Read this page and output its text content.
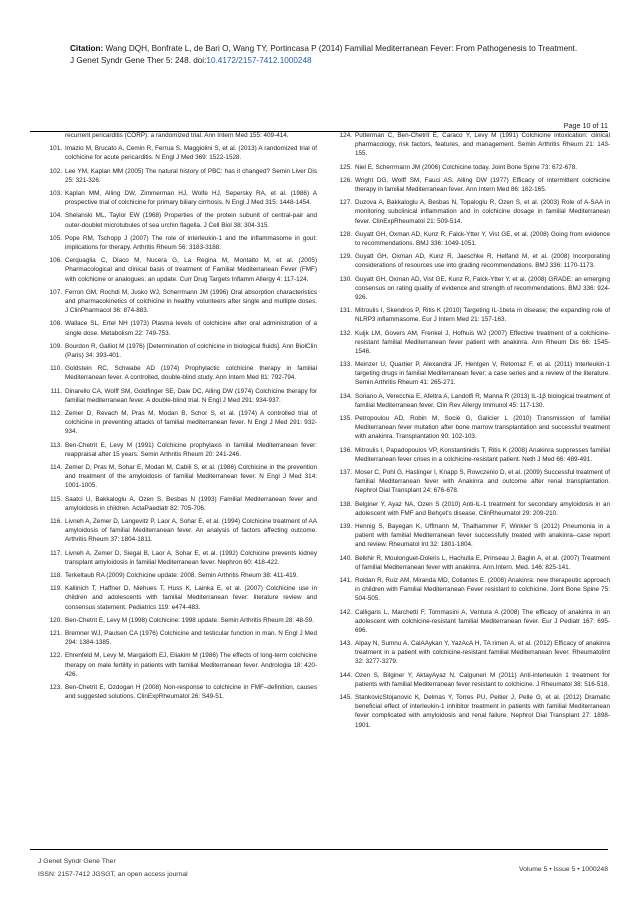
Citation: Wang DQH, Bonfrate L, de Bari O, Wang TY, Portincasa P (2014) Familial Mediterranean Fever: From Pathogenesis to Treatment. J Genet Syndr Gene Ther 5: 248. doi:10.4172/2157-7412.1000248
Page 10 of 11
recurrent pericarditis (CORP): a randomized trial. Ann Intern Med 155: 409-414.
101. Imazio M, Brucato A, Cemin R, Ferrua S, Maggiolini S, et al. (2013) A randomized trial of colchicine for acute pericarditis. N Engl J Med 369: 1522-1528.
102. Lee YM, Kaplan MM (2005) The natural history of PBC: has it changed? Semin Liver Dis 25: 321-326.
103. Kaplan MM, Alling DW, Zimmerman HJ, Wolfe HJ, Sepersky RA, et al. (1986) A prospective trial of colchicine for primary biliary cirrhosis. N Engl J Med 315: 1448-1454.
104. Shelanski ML, Taylor EW (1968) Properties of the protein subunit of central-pair and outer-doublet microtubules of sea urchin flagella. J Cell Biol 38: 304-315.
105. Pope RM, Tschopp J (2007) The role of interleukin-1 and the inflammasome in gout: implications for therapy. Arthritis Rheum 56: 3183-3188.
106. Cerquaglia C, Diaco M, Nucera G, La Regina M, Montalto M, et al. (2005) Pharmacological and clinical basis of treatment of Familial Mediterranean Fever (FMF) with colchicine or analogues: an update. Curr Drug Targets Inflamm Allergy 4: 117-124.
107. Ferron GM, Rochdi M, Jusko WJ, Scherrmann JM (1996) Oral absorption characteristics and pharmacokinetics of colchicine in healthy volunteers after single and multiple doses. J ClinPharmacol 36: 874-883.
108. Wallace SL, Ertel NH (1973) Plasma levels of colchicine after oral administration of a single dose. Metabolism 22: 749-753.
109. Bourdon R, Galliot M (1976) [Determination of colchicine in biological fluids]. Ann BiolClin (Paris) 34: 393-401.
110. Goldstein RC, Schwabe AD (1974) Prophylactic colchicine therapy in familial Mediterranean fever. A controlled, double-blind study. Ann Intern Med 81: 792-794.
111. Dinarello CA, Wolff SM, Goldfinger SE, Dale DC, Alling DW (1974) Colchicine therapy for familial mediterranean fever. A double-blind trial. N Engl J Med 291: 934-937.
112. Zemer D, Revach M, Pras M, Modan B, Schor S, et al. (1974) A controlled trial of colchicine in preventing attacks of familial mediterranean fever. N Engl J Med 291: 932-934.
113. Ben-Chetrit E, Levy M (1991) Colchicine prophylaxis in familial Mediterranean fever: reappraisal after 15 years. Semin Arthritis Rheum 20: 241-246.
114. Zemer D, Pras M, Sohar E, Modan M, Cabili S, et al. (1986) Colchicine in the prevention and treatment of the amyloidosis of familial Mediterranean fever. N Engl J Med 314: 1001-1005.
115. Saatci U, Bakkaloglu A, Ozen S, Besbas N (1993) Familial Mediterranean fever and amyloidosis in children. ActaPaediatr 82: 705-706.
116. Livneh A, Zemer D, Langevitz P, Laor A, Sohar E, et al. (1994) Colchicine treatment of AA amyloidosis of familial Mediterranean fever. An analysis of factors affecting outcome. Arthritis Rheum 37: 1804-1811.
117. Livneh A, Zemer D, Siegal B, Laor A, Sohar E, et al. (1992) Colchicine prevents kidney transplant amyloidosis in familial Mediterranean fever. Nephron 60: 418-422.
118. Terkeltaub RA (2009) Colchicine update: 2008. Semin Arthritis Rheum 38: 411-419.
119. Kallinich T, Haffner D, Niehues T, Huss K, Lainka E, et al. (2007) Colchicine use in children and adolescents with familial Mediterranean fever: literature review and consensus statement. Pediatrics 119: e474-483.
120. Ben-Chetrit E, Levy M (1998) Colchicine: 1998 update. Semin Arthritis Rheum 28: 48-59.
121. Bremner WJ, Paulsen CA (1976) Colchicine and testicular function in man. N Engl J Med 294: 1384-1385.
122. Ehrenfeld M, Levy M, Margalioth EJ, Eliakim M (1986) The effects of long-term colchicine therapy on male fertility in patients with familial Mediterranean fever. Andrologia 18: 420-426.
123. Ben-Chetrit E, Ozdogan H (2008) Non-response to colchicine in FMF–definition, causes and suggested solutions. ClinExpRheumatol 26: S49-51.
124. Putterman C, Ben-Chetrit E, Caraco Y, Levy M (1991) Colchicine intoxication: clinical pharmacology, risk factors, features, and management. Semin Arthritis Rheum 21: 143-155.
125. Niel E, Scherrmann JM (2006) Colchicine today. Joint Bone Spine 73: 672-678.
126. Wright DG, Wolff SM, Fauci AS, Alling DW (1977) Efficacy of intermittent colchicine therapy in familial Mediterranean fever. Ann Intern Med 86: 162-165.
127. Duzova A, Bakkaloglu A, Besbas N, Topaloglu R, Ozen S, et al. (2003) Role of A-SAA in monitoring subclinical inflammation and in colchicine dosage in familial Mediterranean fever. ClinExpRheumatol 21: 509-514.
128. Guyatt GH, Oxman AD, Kunz R, Falck-Ytter Y, Vist GE, et al. (2008) Going from evidence to recommendations. BMJ 336: 1049-1051.
129. Guyatt GH, Oxman AD, Kunz R, Jaeschke R, Helfand M, et al. (2008) Incorporating considerations of resources use into grading recommendations. BMJ 336: 1170-1173.
130. Guyatt GH, Oxman AD, Vist GE, Kunz R, Falck-Ytter Y, et al. (2008) GRADE: an emerging consensus on rating quality of evidence and strength of recommendations. BMJ 336: 924-926.
131. Mitroulis I, Skendros P, Ritis K (2010) Targeting IL-1beta in disease; the expanding role of NLRP3 inflammasome. Eur J Intern Med 21: 157-163.
132. Kuijk LM, Govers AM, Frenkel J, Hofhuis WJ (2007) Effective treatment of a colchicine-resistant familial Mediterranean fever patient with anakinra. Ann Rheum Dis 66: 1545-1546.
133. Meinzer U, Quartier P, Alexandra JF, Hentgen V, Retornaz F, et al. (2011) Interleukin-1 targeting drugs in familial Mediterranean fever: a case series and a review of the literature. Semin Arthritis Rheum 41: 265-271.
134. Soriano A, Verecchia E, Afeltra A, Landolfi R, Manna R (2013) IL-1β biological treatment of familial Mediterranean fever. Clin Rev Allergy Immunol 45: 117-130.
135. Petropoulou AD, Robin M, Socié G, Galicier L (2010) Transmission of familial Mediterranean fever mutation after bone marrow transplantation and successful treatment with anakinra. Transplantation 90: 102-103.
136. Mitroulis I, Papadopoulos VP, Konstantinidis T, Ritis K (2008) Anakinra suppresses familial Mediterranean fever crises in a colchicine-resistant patient. Neth J Med 66: 489-491.
137. Moser C, Pohl G, Haslinger I, Knapp S, Rowczenio D, et al. (2009) Successful treatment of familial Mediterranean fever with Anakinra and outcome after renal transplantation. Nephrol Dial Transplant 24: 676-678.
138. Belginer Y, Ayaz NA, Ozen S (2010) Anti-IL-1 treatment for secondary amyloidosis in an adolescent with FMF and Behçet's disease. ClinRheumatol 29: 209-210.
139. Hennig S, Bayegan K, Uffmann M, Thalhammer F, Winkler S (2012) Pneumonia in a patient with familial Mediterranean fever successfully treated with anakinra--case report and review. Rheumatol Int 32: 1801-1804.
140. Belkhir R, Moulonguet-Doleris L, Hachulla E, Prinseau J, Baglin A, et al. (2007) Treatment of familial Mediterranean fever with anakinra. Ann.Intern. Med. 146: 825-141.
141. Roldan R, Ruiz AM, Miranda MD, Collantes E. (2008) Anakinra: new therapeutic approach in children with Familial Mediterranean Fever resistant to colchicine. Joint Bone Spine 75: 504-505.
142. Calligaris L, Marchetti F, Tommasini A, Ventura A (2008) The efficacy of anakinra in an adolescent with colchicine-resistant familial Mediterranean fever. Eur J Pediatr 167: 695-696.
143. Alpay N, Sumnu A, CalAAykan Y, YazAcA H, TA rimen A, et al. (2012) Efficacy of anakinra treatment in a patient with colchicine-resistant familial Mediterranean fever. RheumatolInt 32: 3277-3279.
144. Ozen S, Bilginer Y, AktayAyaz N, Calguneri M (2011) Anti-interleukin 1 treatment for patients with familial Mediterranean fever resistant to colchicine. J Rheumatol 38: 516-518.
145. StankovicStojanovic K, Delmas Y, Torres PU, Peltier J, Pelle G, et al. (2012) Dramatic beneficial effect of interleukin-1 inhibitor treatment in patients with familial Mediterranean fever complicated with amyloidosis and renal failure. Nephrol Dial Transplant 27: 1898-1901.
J Genet Syndr Gene Ther
ISSN: 2157-7412 JGSGT, an open access journal
Volume 5 • Issue 5 • 1000248
